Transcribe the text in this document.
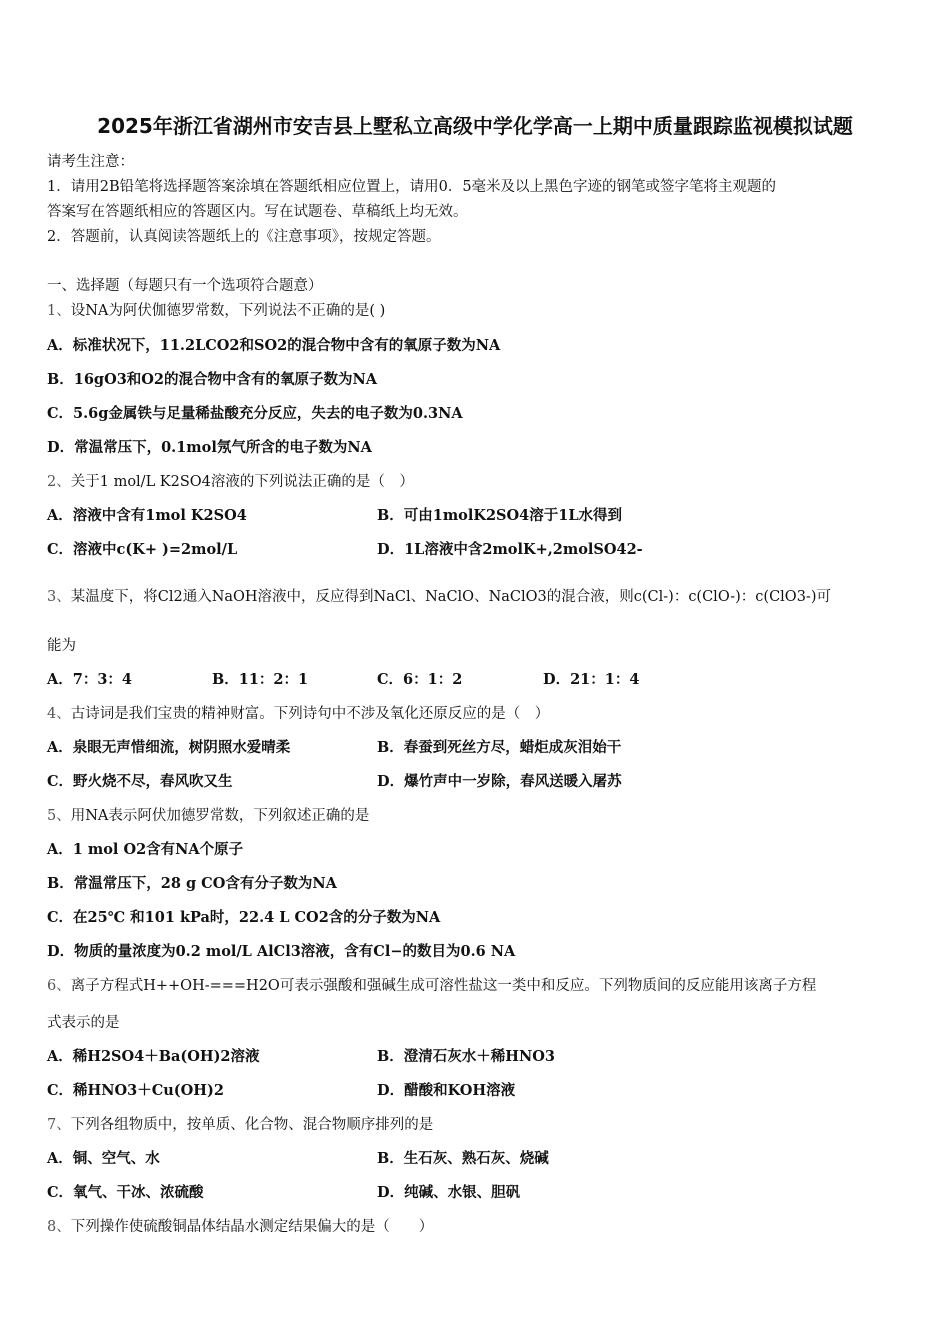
2025年浙江省湖州市安吉县上墅私立高级中学化学高一上期中质量跟踪监视模拟试题
请考生注意：
1．请用2B铅笔将选择题答案涂填在答题纸相应位置上，请用0．5毫米及以上黑色字迹的钢笔或签字笔将主观题的
答案写在答题纸相应的答题区内。写在试题卷、草稿纸上均无效。
2．答题前，认真阅读答题纸上的《注意事项》，按规定答题。
一、选择题（每题只有一个选项符合题意）
1、设NA为阿伏伽德罗常数，下列说法不正确的是( )
A．标准状况下，11.2LCO2和SO2的混合物中含有的氧原子数为NA
B．16gO3和O2的混合物中含有的氧原子数为NA
C．5.6g金属铁与足量稀盐酸充分反应，失去的电子数为0.3NA
D．常温常压下，0.1mol氖气所含的电子数为NA
2、关于1 mol/L K2SO4溶液的下列说法正确的是（　）
A．溶液中含有1mol K2SO4	B．可由1molK2SO4溶于1L水得到
C．溶液中c(K+ )=2mol/L	D．1L溶液中含2molK+,2molSO42-
3、某温度下，将Cl2通入NaOH溶液中，反应得到NaCl、NaClO、NaClO3的混合液，则c(Cl-)：c(ClO-)：c(ClO3-)可
能为
A．7：3：4	B．11：2：1	C．6：1：2	D．21：1：4
4、古诗词是我们宝贵的精神财富。下列诗句中不涉及氧化还原反应的是（　）
A．泉眼无声惜细流，树阴照水爱晴柔	B．春蚕到死丝方尽，蜡炬成灰泪始干
C．野火烧不尽，春风吹又生	D．爆竹声中一岁除，春风送暖入屠苏
5、用NA表示阿伏加德罗常数，下列叙述正确的是
A．1 mol O2含有NA个原子
B．常温常压下，28 g CO含有分子数为NA
C．在25℃ 和101 kPa时，22.4 L CO2含的分子数为NA
D．物质的量浓度为0.2 mol/L AlCl3溶液，含有Cl−的数目为0.6 NA
6、离子方程式H++OH-===H2O可表示强酸和强碱生成可溶性盐这一类中和反应。下列物质间的反应能用该离子方程
式表示的是
A．稀H2SO4＋Ba(OH)2溶液	B．澄清石灰水＋稀HNO3
C．稀HNO3＋Cu(OH)2	D．醋酸和KOH溶液
7、下列各组物质中，按单质、化合物、混合物顺序排列的是
A．铜、空气、水	B．生石灰、熟石灰、烧碱
C．氧气、干冰、浓硫酸	D．纯碱、水银、胆矾
8、下列操作使硫酸铜晶体结晶水测定结果偏大的是（　　）
